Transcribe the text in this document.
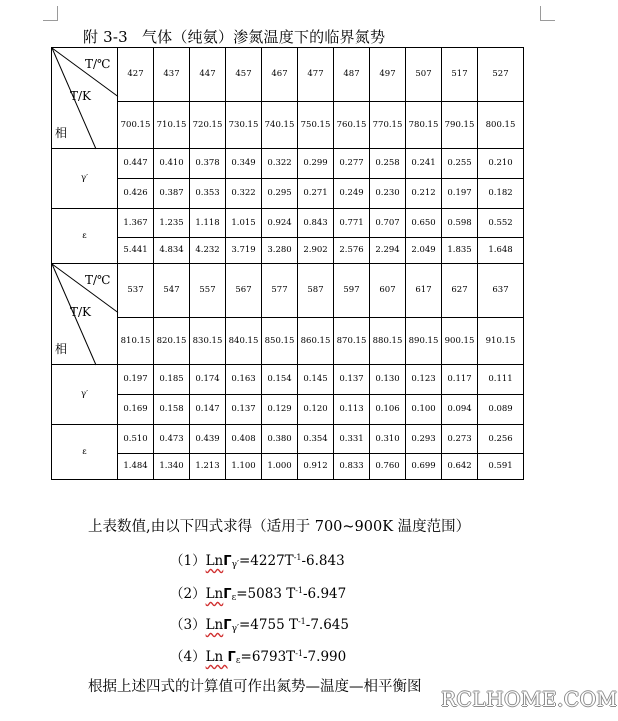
附 3-3 气体（纯氨）渗氮温度下的临界氮势
T/℃
T/K
相	427	437	447	457	467	477	487	497	507	517	527
	700.15	710.15	720.15	730.15	740.15	750.15	760.15	770.15	780.15	790.15	800.15
γ′	0.447	0.410	0.378	0.349	0.322	0.299	0.277	0.258	0.241	0.255	0.210
	0.426	0.387	0.353	0.322	0.295	0.271	0.249	0.230	0.212	0.197	0.182
ε	1.367	1.235	1.118	1.015	0.924	0.843	0.771	0.707	0.650	0.598	0.552
	5.441	4.834	4.232	3.719	3.280	2.902	2.576	2.294	2.049	1.835	1.648

T/℃
T/K
相	537	547	557	567	577	587	597	607	617	627	637
	810.15	820.15	830.15	840.15	850.15	860.15	870.15	880.15	890.15	900.15	910.15
γ′	0.197	0.185	0.174	0.163	0.154	0.145	0.137	0.130	0.123	0.117	0.111
	0.169	0.158	0.147	0.137	0.129	0.120	0.113	0.106	0.100	0.094	0.089
ε	0.510	0.473	0.439	0.408	0.380	0.354	0.331	0.310	0.293	0.273	0.256
	1.484	1.340	1.213	1.100	1.000	0.912	0.833	0.760	0.699	0.642	0.591
上表数值,由以下四式求得（适用于 700~900K 温度范围）
$(1)Ln\Gamma_{\gamma'}=4227T^{-1}-6.843$
（2）LnΓ$_\varepsilon$=5083 $T^{-1}-6.947$
（3）LnΓ$_{\gamma'}$=4755 $T^{-1}-7.645$
（4）Ln $\Gamma_\varepsilon=6793T^{-1}-7.990$
根据上述四式的计算值可作出氮势—温度—相平衡图 RCLHOME.COM
